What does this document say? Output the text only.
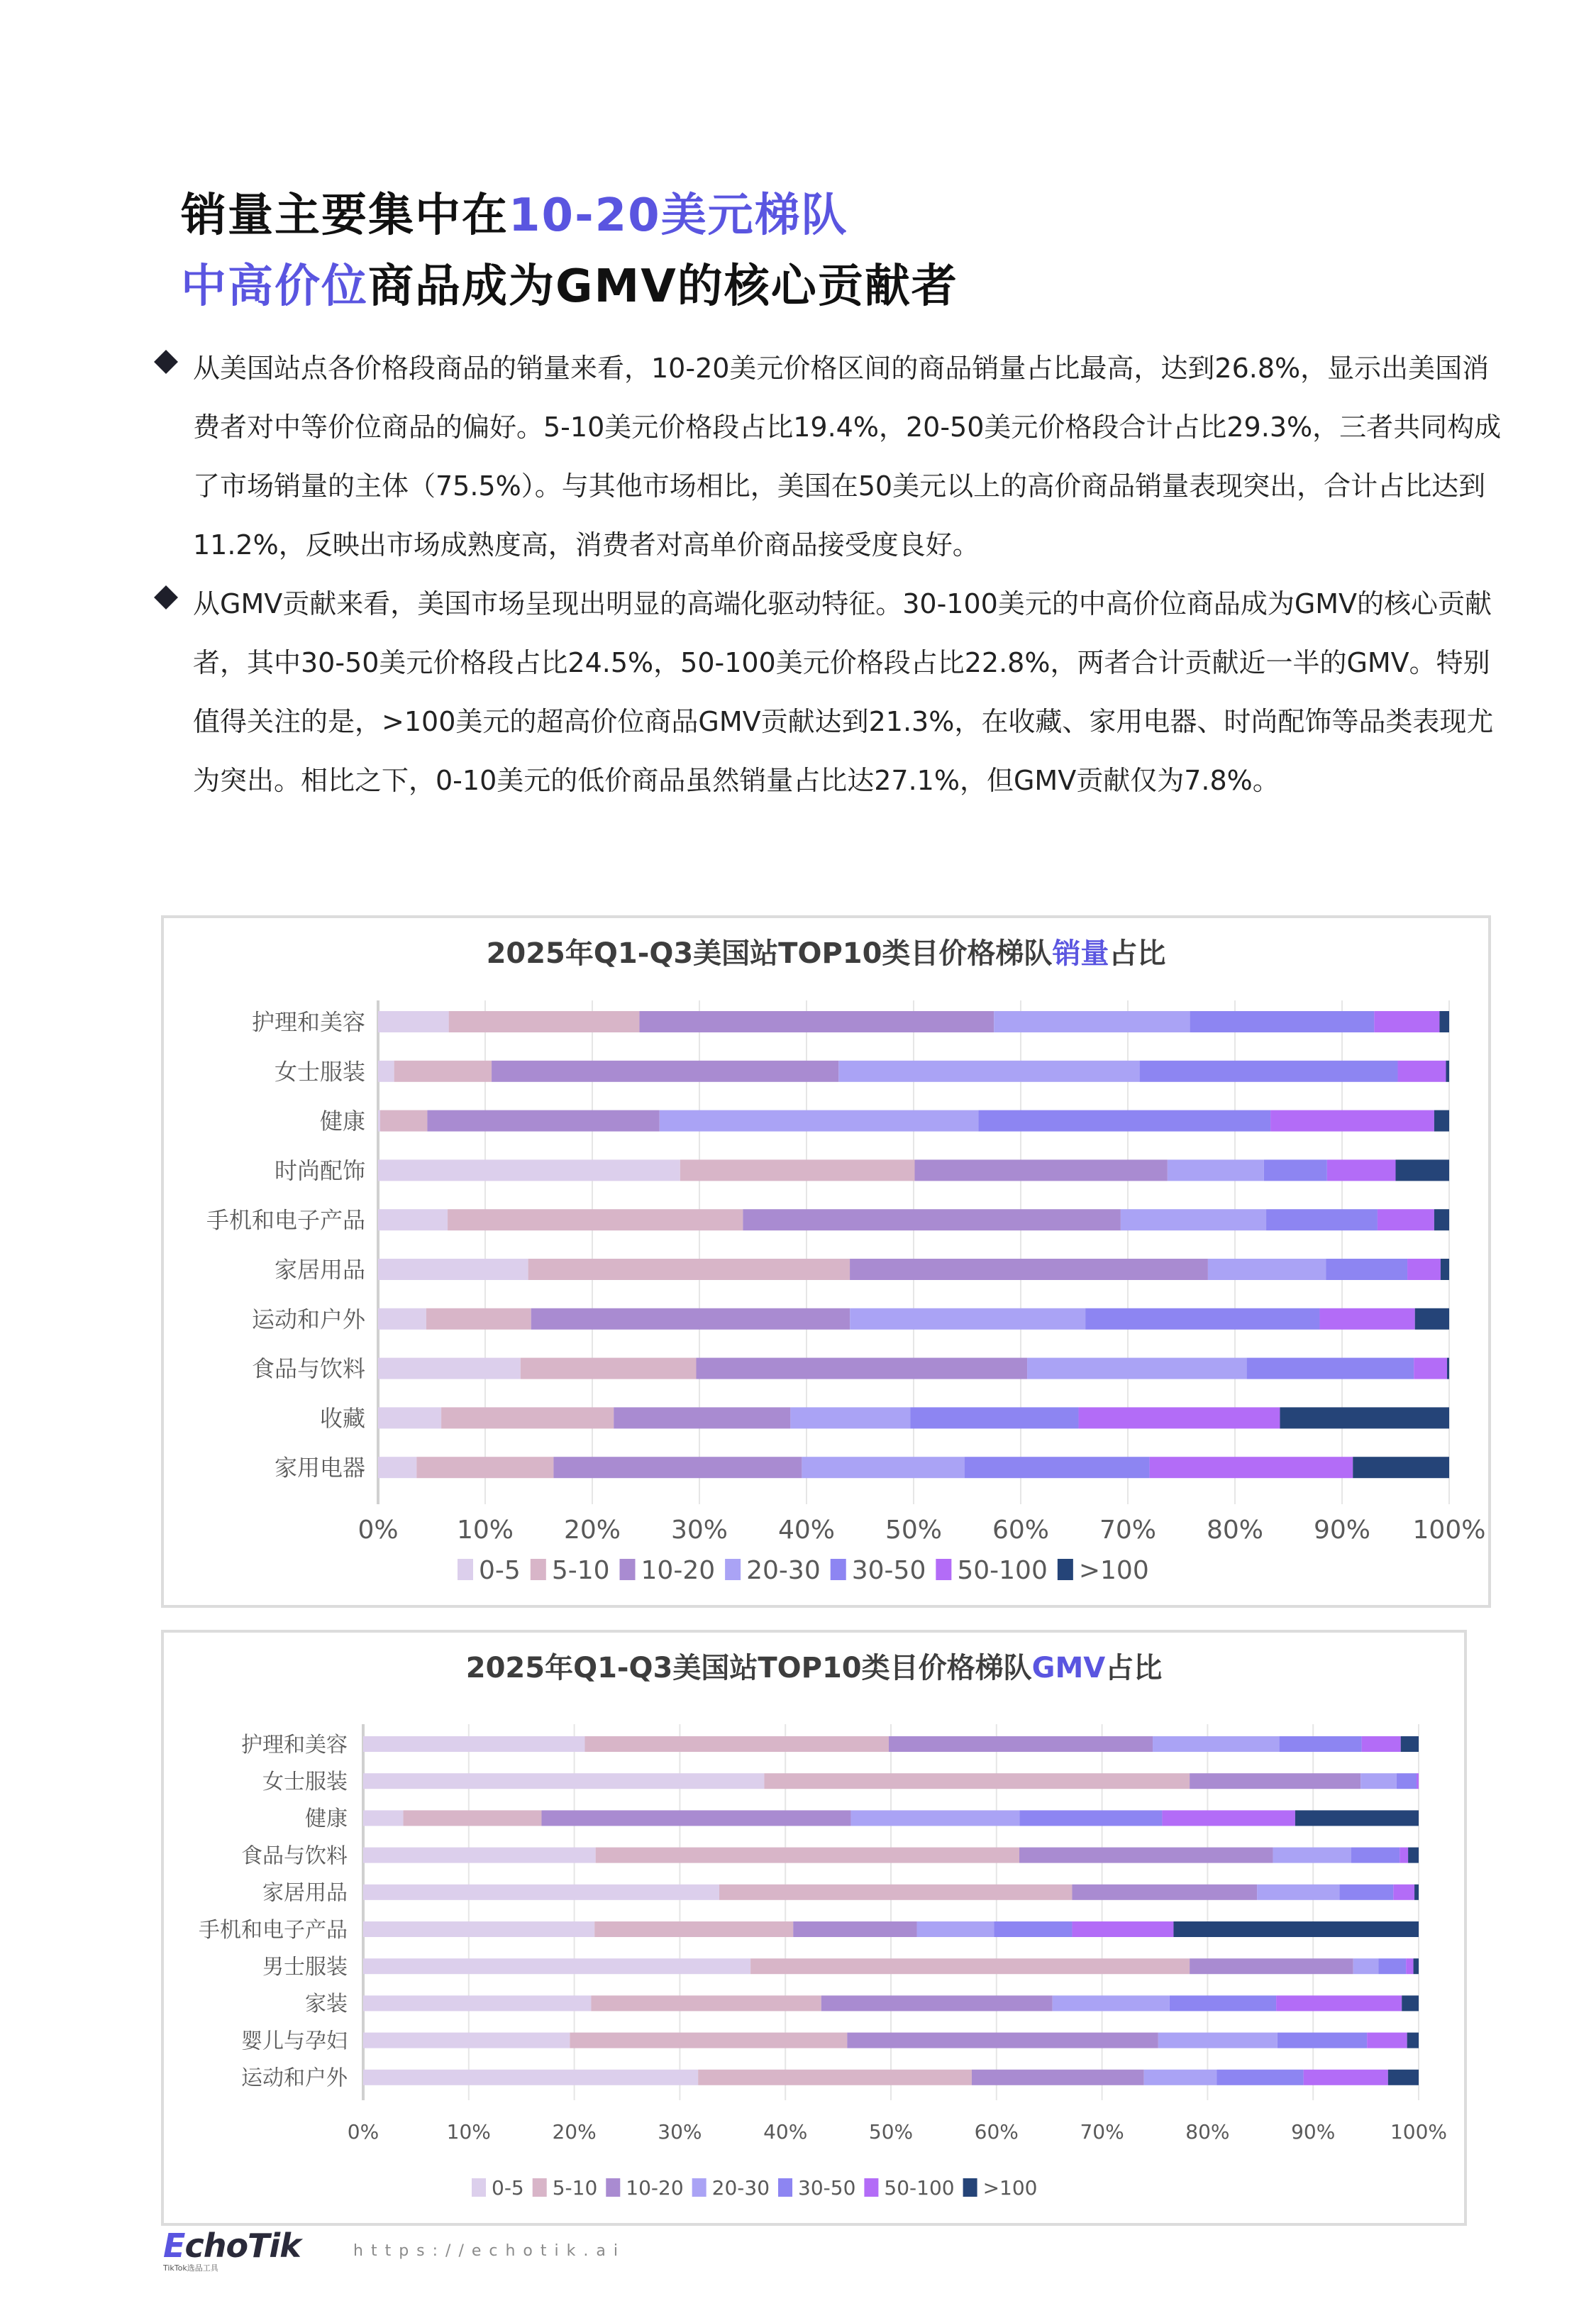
销量主要集中在10-20美元梯队
中高价位商品成为GMV的核心贡献者
从美国站点各价格段商品的销量来看，10-20美元价格区间的商品销量占比最高，达到26.8%，显示出美国消费者对中等价位商品的偏好。5-10美元价格段占比19.4%，20-50美元价格段合计占比29.3%，三者共同构成了市场销量的主体（75.5%）。与其他市场相比，美国在50美元以上的高价商品销量表现突出，合计占比达到11.2%，反映出市场成熟度高，消费者对高单价商品接受度良好。
从GMV贡献来看，美国市场呈现出明显的高端化驱动特征。30-100美元的中高价位商品成为GMV的核心贡献者，其中30-50美元价格段占比24.5%，50-100美元价格段占比22.8%，两者合计贡献近一半的GMV。特别值得关注的是，>100美元的超高价位商品GMV贡献达到21.3%，在收藏、家用电器、时尚配饰等品类表现尤为突出。相比之下，0-10美元的低价商品虽然销量占比达27.1%，但GMV贡献仅为7.8%。
2025年Q1-Q3美国站TOP10类目价格梯队销量占比
0% 10% 20% 30% 40% 50% 60% 70% 80% 90% 100%
护理和美容
女士服装
健康
时尚配饰
手机和电子产品
家居用品
运动和户外
食品与饮料
收藏
家用电器
0-5 5-10 10-20 20-30 30-50 50-100 >100
2025年Q1-Q3美国站TOP10类目价格梯队GMV占比
0%	10%	20%	30%	40%	50%	60%	70%	80%	90%	100%
护理和美容
女士服装
健康
食品与饮料
家居用品
手机和电子产品
男士服装
家装
婴儿与孕妇
运动和户外
0-5 5-10 10-20 20-30 30-50 50-100 >100
EchoTik
TikTok选品工具
https://echotik.ai
